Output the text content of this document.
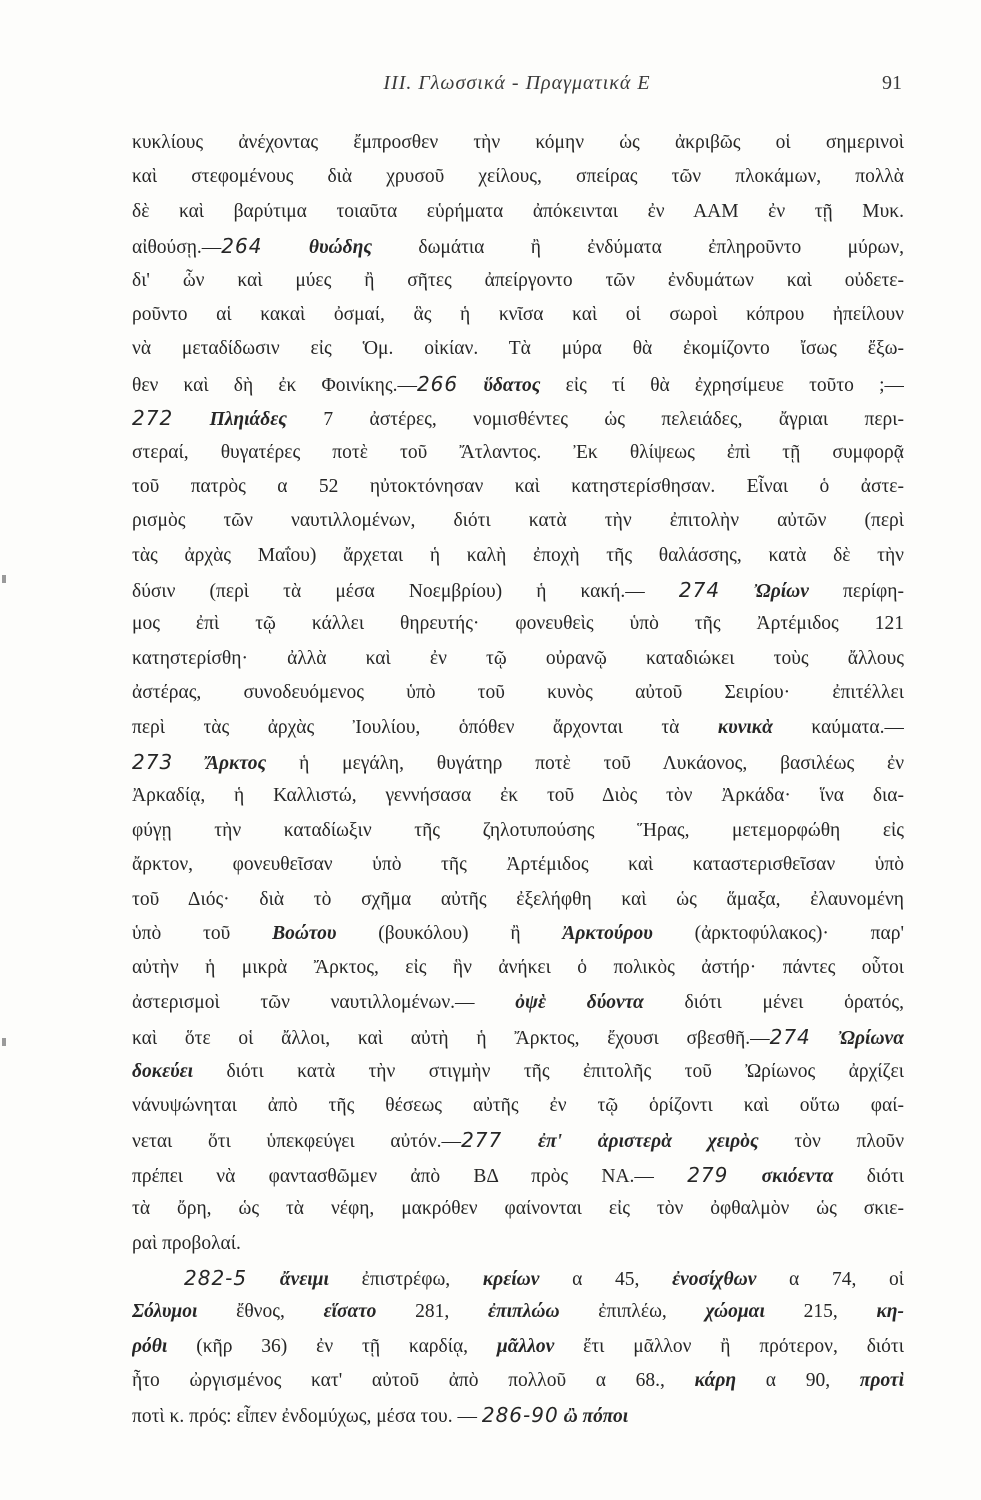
III. Γλωσσικά - Πραγματικά Ε	91
κυκλίους ἀνέχοντας ἔμπροσθεν τὴν κόμην ὡς ἀκριβῶς οἱ σημερινοὶ
καὶ στεφομένους διὰ χρυσοῦ χείλους, σπείρας τῶν πλοκάμων, πολλὰ
δὲ καὶ βαρύτιμα τοιαῦτα εὑρήματα ἀπόκεινται ἐν ΑΑΜ ἐν τῇ Μυκ.
αἰθούσῃ.—264 θυώδης δωμάτια ἢ ἐνδύματα ἐπληροῦντο μύρων,
δι' ὧν καὶ μύες ἢ σῆτες ἀπείργοντο τῶν ἐνδυμάτων καὶ οὐδετε-
ροῦντο αἱ κακαὶ ὀσμαί, ἃς ἡ κνῖσα καὶ οἱ σωροὶ κόπρου ἠπείλουν
νὰ μεταδίδωσιν εἰς Ὁμ. οἰκίαν. Τὰ μύρα θὰ ἐκομίζοντο ἴσως ἔξω-
θεν καὶ δὴ ἐκ Φοινίκης.—266 ὕδατος εἰς τί θὰ ἐχρησίμευε τοῦτο ;—
272 Πληιάδες 7 ἀστέρες, νομισθέντες ὡς πελειάδες, ἄγριαι περι-
στεραί, θυγατέρες ποτὲ τοῦ Ἄτλαντος. Ἐκ θλίψεως ἐπὶ τῇ συμφορᾷ
τοῦ πατρὸς α 52 ηὐτοκτόνησαν καὶ κατηστερίσθησαν. Εἶναι ὁ ἀστε-
ρισμὸς τῶν ναυτιλλομένων, διότι κατὰ τὴν ἐπιτολὴν αὐτῶν (περὶ
τὰς ἀρχὰς Μαΐου) ἄρχεται ἡ καλὴ ἐποχὴ τῆς θαλάσσης, κατὰ δὲ τὴν
δύσιν (περὶ τὰ μέσα Νοεμβρίου) ἡ κακή.— 274 Ὠρίων περίφη-
μος ἐπὶ τῷ κάλλει θηρευτής· φονευθεὶς ὑπὸ τῆς Ἀρτέμιδος 121
κατηστερίσθη· ἀλλὰ καὶ ἐν τῷ οὐρανῷ καταδιώκει τοὺς ἄλλους
ἀστέρας, συνοδευόμενος ὑπὸ τοῦ κυνὸς αὐτοῦ Σειρίου· ἐπιτέλλει
περὶ τὰς ἀρχὰς Ἰουλίου, ὁπόθεν ἄρχονται τὰ κυνικὰ καύματα.—
273 Ἄρκτος ἡ μεγάλη, θυγάτηρ ποτὲ τοῦ Λυκάονος, βασιλέως ἐν
Ἀρκαδίᾳ, ἡ Καλλιστώ, γεννήσασα ἐκ τοῦ Διὸς τὸν Ἀρκάδα· ἵνα δια-
φύγῃ τὴν καταδίωξιν τῆς ζηλοτυπούσης Ἥρας, μετεμορφώθη εἰς
ἄρκτον, φονευθεῖσαν ὑπὸ τῆς Ἀρτέμιδος καὶ καταστερισθεῖσαν ὑπὸ
τοῦ Διός· διὰ τὸ σχῆμα αὐτῆς ἐξελήφθη καὶ ὡς ἅμαξα, ἐλαυνομένη
ὑπὸ τοῦ Βοώτου (βουκόλου) ἢ Ἀρκτούρου (ἀρκτοφύλακος)· παρ'
αὐτὴν ἡ μικρὰ Ἄρκτος, εἰς ἣν ἀνήκει ὁ πολικὸς ἀστήρ· πάντες οὗτοι
ἀστερισμοὶ τῶν ναυτιλλομένων.— ὀψὲ δύοντα διότι μένει ὁρατός,
καὶ ὅτε οἱ ἄλλοι, καὶ αὐτὴ ἡ Ἄρκτος, ἔχουσι σβεσθῆ.—274 Ὠρίωνα
δοκεύει διότι κατὰ τὴν στιγμὴν τῆς ἐπιτολῆς τοῦ Ὠρίωνος ἀρχίζει
νάνυψώνηται ἀπὸ τῆς θέσεως αὐτῆς ἐν τῷ ὁρίζοντι καὶ οὕτω φαί-
νεται ὅτι ὑπεκφεύγει αὐτόν.—277 ἐπ' ἀριστερὰ χειρὸς τὸν πλοῦν
πρέπει νὰ φαντασθῶμεν ἀπὸ ΒΔ πρὸς ΝΑ.— 279 σκιόεντα διότι
τὰ ὄρη, ὡς τὰ νέφη, μακρόθεν φαίνονται εἰς τὸν ὀφθαλμὸν ὡς σκιε-
ραὶ προβολαί.
282-5 ἄνειμι ἐπιστρέφω, κρείων α 45, ἐνοσίχθων α 74, οἱ
Σόλυμοι ἔθνος, εἵσατο 281, ἐπιπλώω ἐπιπλέω, χώομαι 215, κη-
ρόθι (κῆρ 36) ἐν τῇ καρδίᾳ, μᾶλλον ἔτι μᾶλλον ἢ πρότερον, διότι
ἦτο ὠργισμένος κατ' αὐτοῦ ἀπὸ πολλοῦ α 68., κάρη α 90, προτὶ
ποτὶ κ. πρός: εἶπεν ἐνδομύχως, μέσα του. — 286-90 ὢ πόποι
